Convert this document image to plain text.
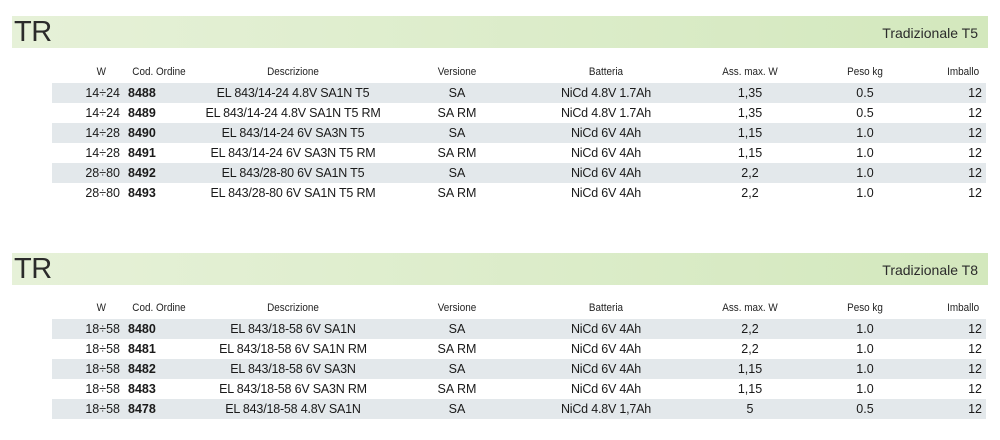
TR	Tradizionale T5
W	Cod. Ordine	Descrizione	Versione	Batteria	Ass. max. W	Peso kg	Imballo
14÷24	8488	EL 843/14-24 4.8V SA1N T5	SA	NiCd 4.8V 1.7Ah	1,35	0.5	12
14÷24	8489	EL 843/14-24 4.8V SA1N T5 RM	SA RM	NiCd 4.8V 1.7Ah	1,35	0.5	12
14÷28	8490	EL 843/14-24 6V SA3N T5	SA	NiCd 6V 4Ah	1,15	1.0	12
14÷28	8491	EL 843/14-24 6V SA3N T5 RM	SA RM	NiCd 6V 4Ah	1,15	1.0	12
28÷80	8492	EL 843/28-80 6V SA1N T5	SA	NiCd 6V 4Ah	2,2	1.0	12
28÷80	8493	EL 843/28-80 6V SA1N T5 RM	SA RM	NiCd 6V 4Ah	2,2	1.0	12
TR	Tradizionale T8
W	Cod. Ordine	Descrizione	Versione	Batteria	Ass. max. W	Peso kg	Imballo
18÷58	8480	EL 843/18-58 6V SA1N	SA	NiCd 6V 4Ah	2,2	1.0	12
18÷58	8481	EL 843/18-58 6V SA1N RM	SA RM	NiCd 6V 4Ah	2,2	1.0	12
18÷58	8482	EL 843/18-58 6V SA3N	SA	NiCd 6V 4Ah	1,15	1.0	12
18÷58	8483	EL 843/18-58 6V SA3N RM	SA RM	NiCd 6V 4Ah	1,15	1.0	12
18÷58	8478	EL 843/18-58 4.8V SA1N	SA	NiCd 4.8V 1,7Ah	5	0.5	12
